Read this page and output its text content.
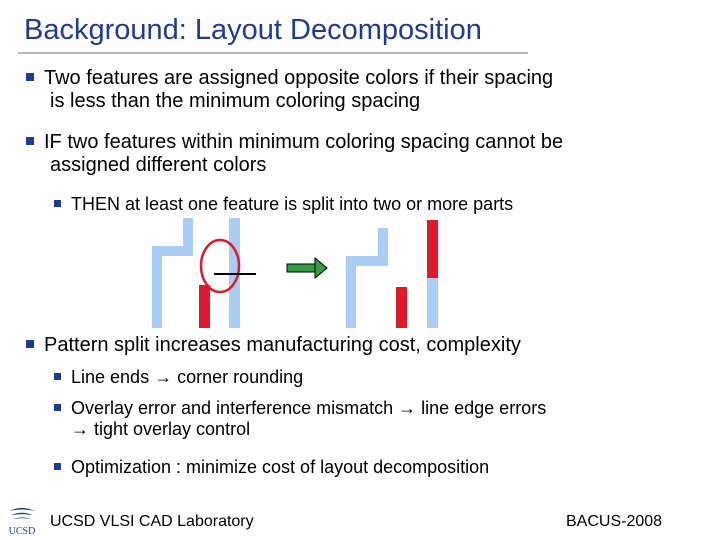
Background: Layout Decomposition
Two features are assigned opposite colors if their spacing
is less than the minimum coloring spacing
IF two features within minimum coloring spacing cannot be
assigned different colors
THEN at least one feature is split into two or more parts
Pattern split increases manufacturing cost, complexity
Line ends → corner rounding
Overlay error and interference mismatch → line edge errors
→ tight overlay control
Optimization : minimize cost of layout decomposition
UCSD
UCSD VLSI CAD Laboratory	BACUS-2008
